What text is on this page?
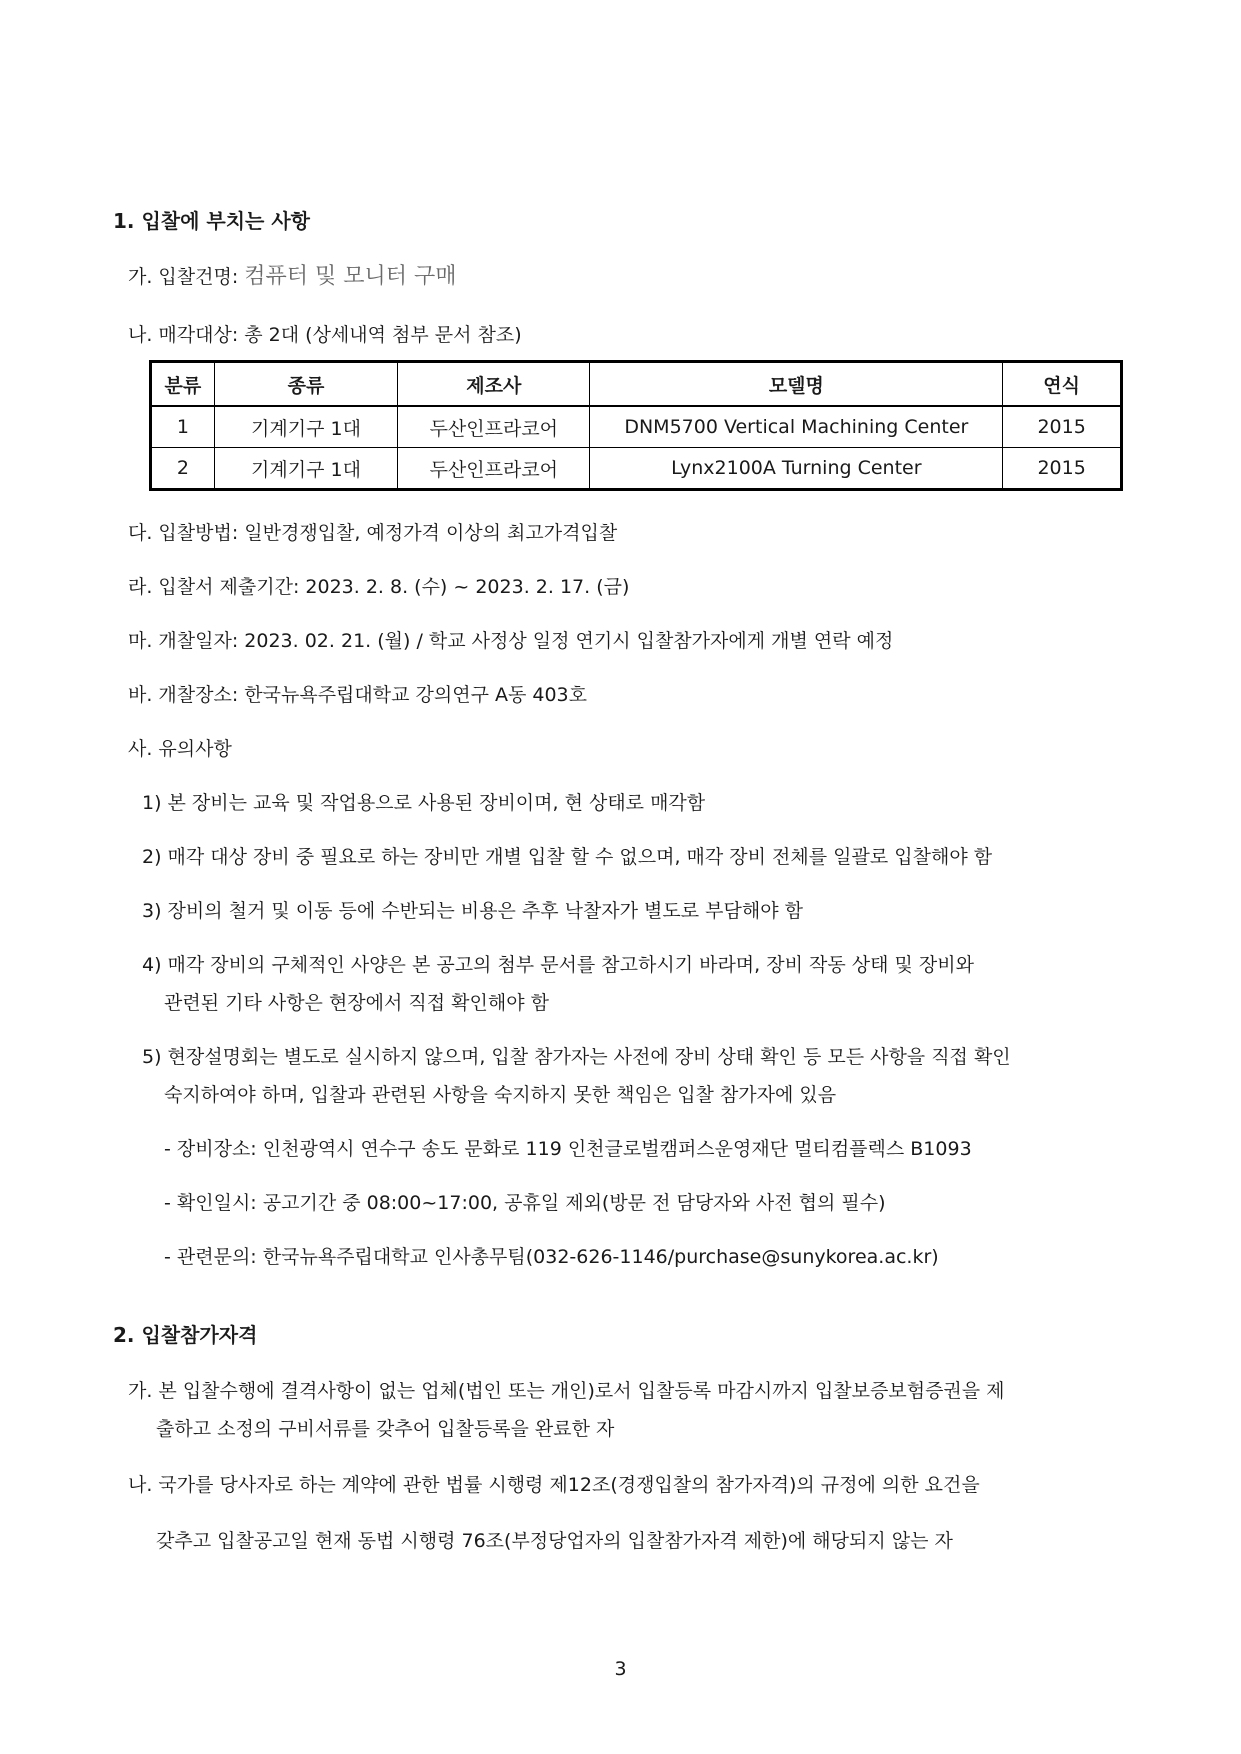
1. 입찰에 부치는 사항
가. 입찰건명: 컴퓨터 및 모니터 구매
나. 매각대상: 총 2대 (상세내역 첨부 문서 참조)
분류	종류	제조사	모델명	연식
1	기계기구 1대	두산인프라코어	DNM5700 Vertical Machining Center	2015
2	기계기구 1대	두산인프라코어	Lynx2100A Turning Center	2015
다. 입찰방법: 일반경쟁입찰, 예정가격 이상의 최고가격입찰
라. 입찰서 제출기간: 2023. 2. 8. (수) ~ 2023. 2. 17. (금)
마. 개찰일자: 2023. 02. 21. (월) / 학교 사정상 일정 연기시 입찰참가자에게 개별 연락 예정
바. 개찰장소: 한국뉴욕주립대학교 강의연구 A동 403호
사. 유의사항
1) 본 장비는 교육 및 작업용으로 사용된 장비이며, 현 상태로 매각함
2) 매각 대상 장비 중 필요로 하는 장비만 개별 입찰 할 수 없으며, 매각 장비 전체를 일괄로 입찰해야 함
3) 장비의 철거 및 이동 등에 수반되는 비용은 추후 낙찰자가 별도로 부담해야 함
4) 매각 장비의 구체적인 사양은 본 공고의 첨부 문서를 참고하시기 바라며, 장비 작동 상태 및 장비와
관련된 기타 사항은 현장에서 직접 확인해야 함
5) 현장설명회는 별도로 실시하지 않으며, 입찰 참가자는 사전에 장비 상태 확인 등 모든 사항을 직접 확인
숙지하여야 하며, 입찰과 관련된 사항을 숙지하지 못한 책임은 입찰 참가자에 있음
- 장비장소: 인천광역시 연수구 송도 문화로 119 인천글로벌캠퍼스운영재단 멀티컴플렉스 B1093
- 확인일시: 공고기간 중 08:00~17:00, 공휴일 제외(방문 전 담당자와 사전 협의 필수)
- 관련문의: 한국뉴욕주립대학교 인사총무팀(032-626-1146/purchase@sunykorea.ac.kr)
2. 입찰참가자격
가. 본 입찰수행에 결격사항이 없는 업체(법인 또는 개인)로서 입찰등록 마감시까지 입찰보증보험증권을 제
출하고 소정의 구비서류를 갖추어 입찰등록을 완료한 자
나. 국가를 당사자로 하는 계약에 관한 법률 시행령 제12조(경쟁입찰의 참가자격)의 규정에 의한 요건을
갖추고 입찰공고일 현재 동법 시행령 76조(부정당업자의 입찰참가자격 제한)에 해당되지 않는 자
3
